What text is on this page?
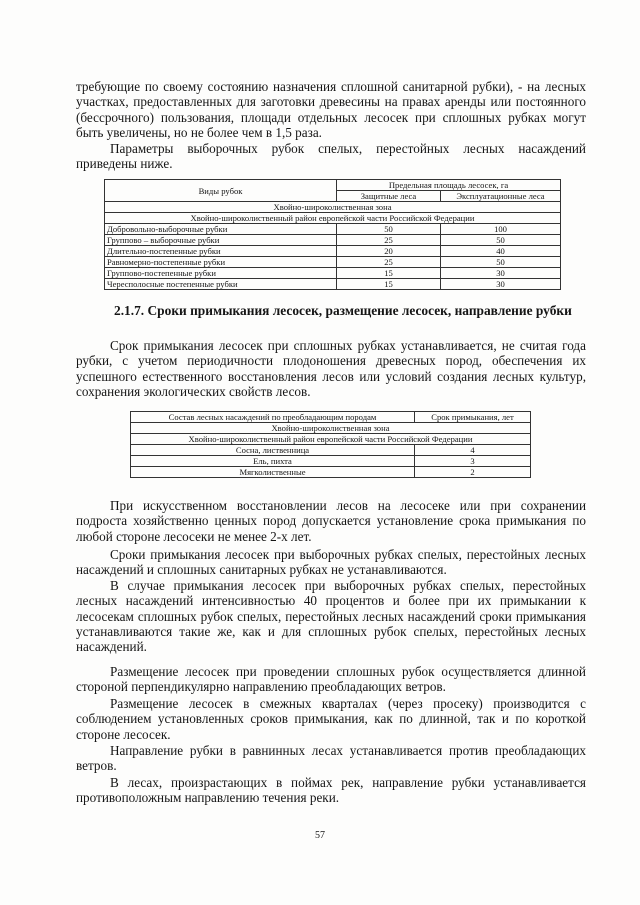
требующие по своему состоянию назначения сплошной санитарной рубки), - на лесных участках, предоставленных для заготовки древесины на правах аренды или постоянного (бессрочного) пользования, площади отдельных лесосек при сплошных рубках могут быть увеличены, но не более чем в 1,5 раза.

Параметры выборочных рубок спелых, перестойных лесных насаждений приведены ниже.

Виды рубок	Предельная площадь лесосек, га	
	Защитные леса	Эксплуатационные леса
Хвойно-широколиственная зона		
Хвойно-широколиственный район европейской части Российской Федерации		
Добровольно-выборочные рубки	50	100
Группово – выборочные рубки	25	50
Длительно-постепенные рубки	20	40
Равномерно-постепенные рубки	25	50
Группово-постепенные рубки	15	30
Чересполосные постепенные рубки	15	30

2.1.7. Сроки примыкания лесосек, размещение лесосек, направление рубки

Срок примыкания лесосек при сплошных рубках устанавливается, не считая года рубки, с учетом периодичности плодоношения древесных пород, обеспечения их успешного естественного восстановления лесов или условий создания лесных культур, сохранения экологических свойств лесов.

Состав лесных насаждений по преобладающим породам	Срок примыкания, лет
Хвойно-широколиственная зона	
Хвойно-широколиственный район европейской части Российской Федерации	
Сосна, лиственница	4
Ель, пихта	3
Мягколиственные	2

При искусственном восстановлении лесов на лесосеке или при сохранении подроста хозяйственно ценных пород допускается установление срока примыкания по любой стороне лесосеки не менее 2-х лет.

Сроки примыкания лесосек при выборочных рубках спелых, перестойных лесных насаждений и сплошных санитарных рубках не устанавливаются.

В случае примыкания лесосек при выборочных рубках спелых, перестойных лесных насаждений интенсивностью 40 процентов и более при их примыкании к лесосекам сплошных рубок спелых, перестойных лесных насаждений сроки примыкания устанавливаются такие же, как и для сплошных рубок спелых, перестойных лесных насаждений.

Размещение лесосек при проведении сплошных рубок осуществляется длинной стороной перпендикулярно направлению преобладающих ветров.

Размещение лесосек в смежных кварталах (через просеку) производится с соблюдением установленных сроков примыкания, как по длинной, так и по короткой стороне лесосек.

Направление рубки в равнинных лесах устанавливается против преобладающих ветров.

В лесах, произрастающих в поймах рек, направление рубки устанавливается противоположным направлению течения реки.

57
